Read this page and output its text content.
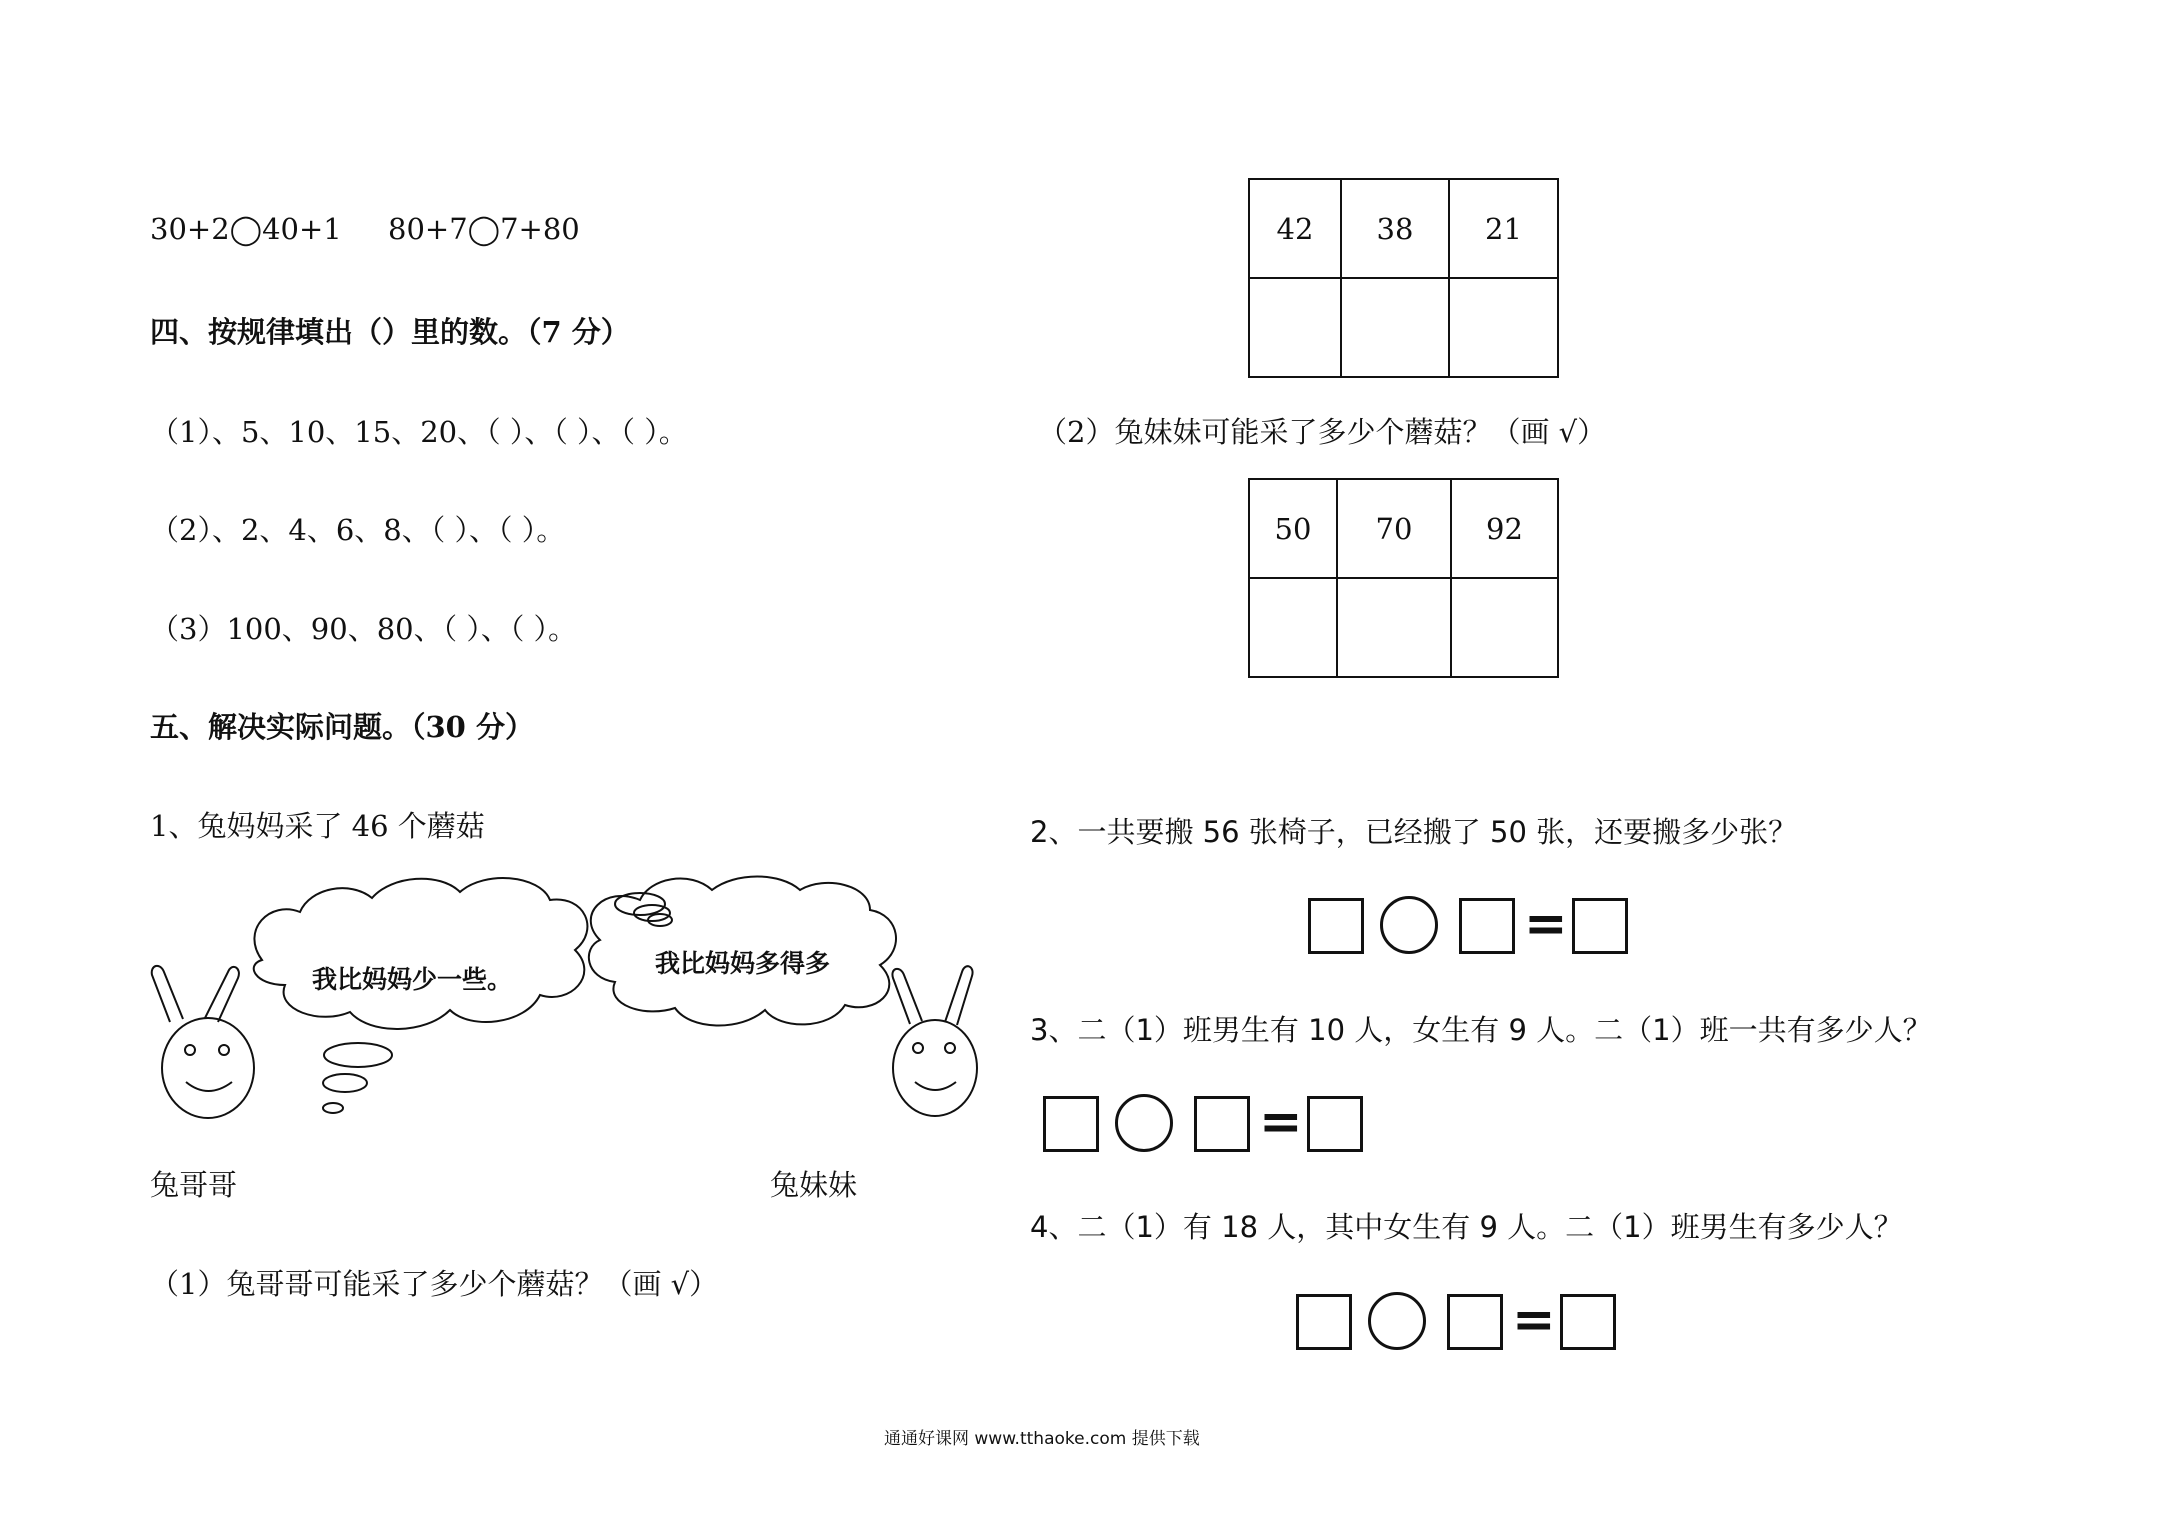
30+2◯40+1 80+7◯7+80
四、按规律填出（）里的数。（7 分）
（1）、5、10、15、20、（ ）、（ ）、（ ）。
（2）、2、4、6、8、（ ）、（ ）。
（3）100、90、80、（ ）、（ ）。
五、解决实际问题。（30 分）
1、兔妈妈采了 46 个蘑菇
我比妈妈少一些。
我比妈妈多得多
兔哥哥	兔妹妹
（1）兔哥哥可能采了多少个蘑菇？（画 √）
42	38	21

（2）兔妹妹可能采了多少个蘑菇？（画 √）
50	70	92

2、一共要搬 56 张椅子，已经搬了 50 张，还要搬多少张？
=
3、二（1）班男生有 10 人，女生有 9 人。二（1）班一共有多少人？
=
4、二（1）有 18 人，其中女生有 9 人。二（1）班男生有多少人？
=
通通好课网 www.tthaoke.com 提供下载
